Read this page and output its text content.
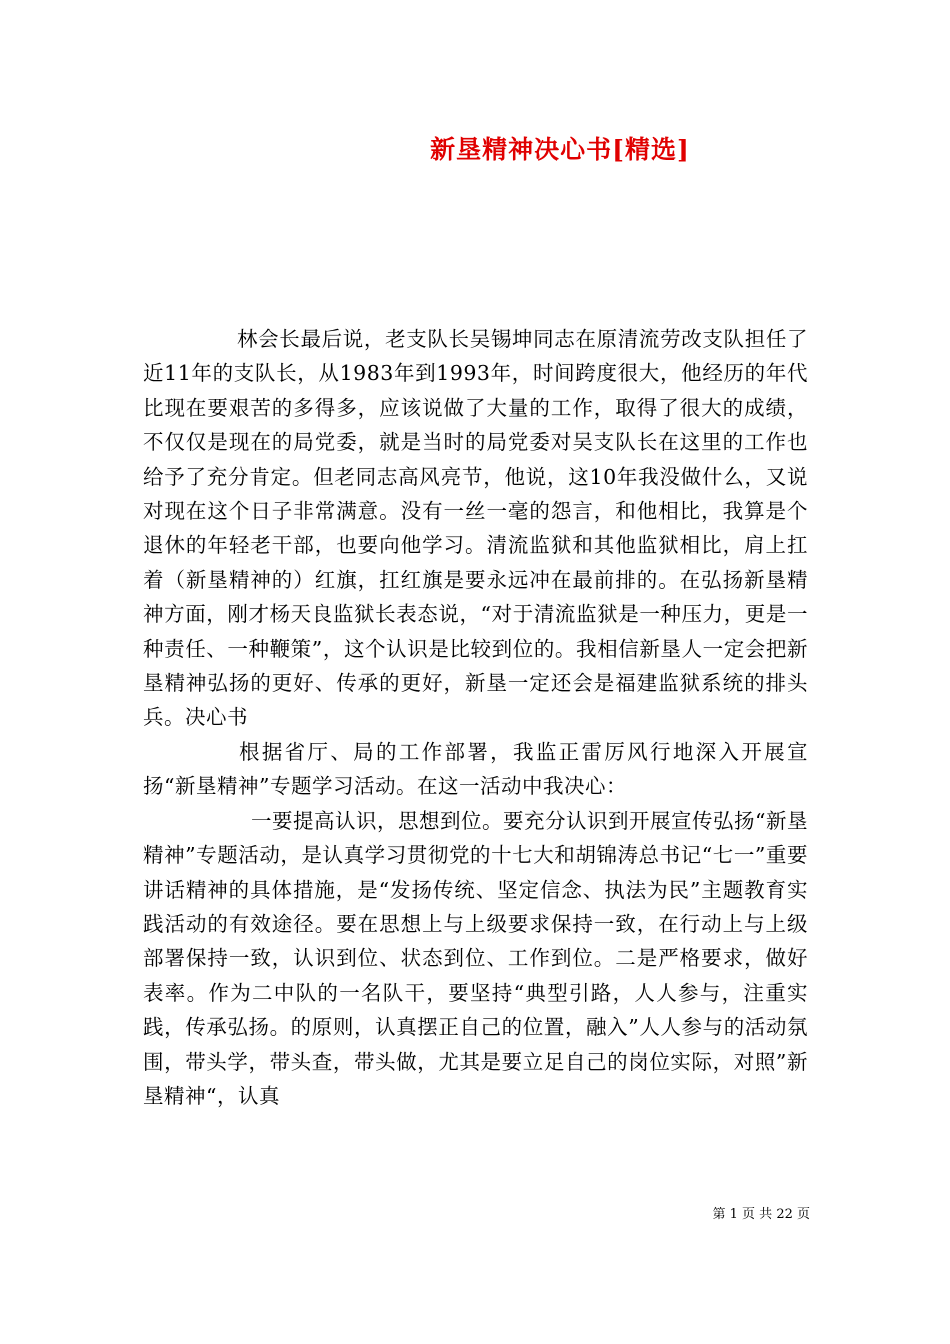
新垦精神决心书[精选]

林会长最后说，老支队长吴锡坤同志在原清流劳改支队担任了近11年的支队长，从1983年到1993年，时间跨度很大，他经历的年代比现在要艰苦的多得多，应该说做了大量的工作，取得了很大的成绩，不仅仅是现在的局党委，就是当时的局党委对吴支队长在这里的工作也给予了充分肯定。但老同志高风亮节，他说，这10年我没做什么，又说对现在这个日子非常满意。没有一丝一毫的怨言，和他相比，我算是个退休的年轻老干部，也要向他学习。清流监狱和其他监狱相比，肩上扛着（新垦精神的）红旗，扛红旗是要永远冲在最前排的。在弘扬新垦精神方面，刚才杨天良监狱长表态说，“对于清流监狱是一种压力，更是一种责任、一种鞭策”，这个认识是比较到位的。我相信新垦人一定会把新垦精神弘扬的更好、传承的更好，新垦一定还会是福建监狱系统的排头兵。决心书

根据省厅、局的工作部署，我监正雷厉风行地深入开展宣扬“新垦精神”专题学习活动。在这一活动中我决心：

一要提高认识，思想到位。要充分认识到开展宣传弘扬“新垦精神”专题活动，是认真学习贯彻党的十七大和胡锦涛总书记“七一”重要讲话精神的具体措施，是“发扬传统、坚定信念、执法为民”主题教育实践活动的有效途径。要在思想上与上级要求保持一致，在行动上与上级部署保持一致，认识到位、状态到位、工作到位。二是严格要求，做好表率。作为二中队的一名队干，要坚持“典型引路，人人参与，注重实践，传承弘扬。的原则，认真摆正自己的位置，融入”人人参与的活动氛围，带头学，带头查，带头做，尤其是要立足自己的岗位实际，对照”新垦精神“，认真

第 1 页 共 22 页
